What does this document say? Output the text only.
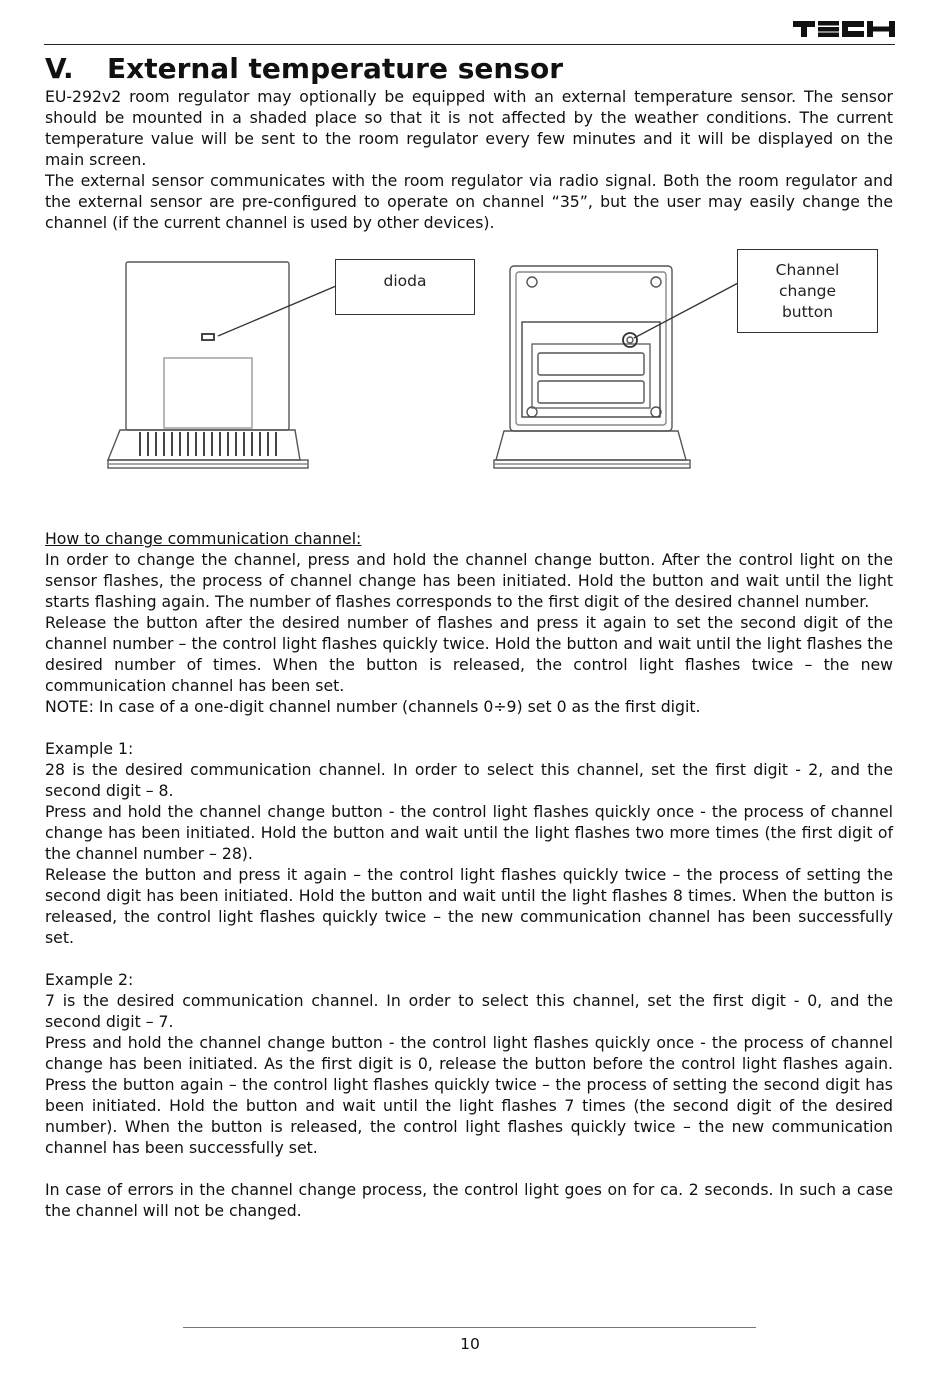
V. External temperature sensor

EU-292v2 room regulator may optionally be equipped with an external temperature sensor. The sensor should be mounted in a shaded place so that it is not affected by the weather conditions. The current temperature value will be sent to the room regulator every few minutes and it will be displayed on the main screen.

The external sensor communicates with the room regulator via radio signal. Both the room regulator and the external sensor are pre-configured to operate on channel “35”, but the user may easily change the channel (if the current channel is used by other devices).

dioda
Channel
change
button

How to change communication channel:

In order to change the channel, press and hold the channel change button. After the control light on the sensor flashes, the process of channel change has been initiated. Hold the button and wait until the light starts flashing again. The number of flashes corresponds to the first digit of the desired channel number.

Release the button after the desired number of flashes and press it again to set the second digit of the channel number – the control light flashes quickly twice. Hold the button and wait until the light flashes the desired number of times. When the button is released, the control light flashes twice – the new communication channel has been set.

NOTE: In case of a one-digit channel number (channels 0÷9) set 0 as the first digit.

Example 1:

28 is the desired communication channel. In order to select this channel, set the first digit - 2, and the second digit – 8.

Press and hold the channel change button - the control light flashes quickly once - the process of channel change has been initiated. Hold the button and wait until the light flashes two more times (the first digit of the channel number – 28).

Release the button and press it again – the control light flashes quickly twice – the process of setting the second digit has been initiated. Hold the button and wait until the light flashes 8 times. When the button is released, the control light flashes quickly twice – the new communication channel has been successfully set.

Example 2:

7 is the desired communication channel. In order to select this channel, set the first digit - 0, and the second digit – 7.

Press and hold the channel change button - the control light flashes quickly once - the process of channel change has been initiated. As the first digit is 0, release the button before the control light flashes again. Press the button again – the control light flashes quickly twice – the process of setting the second digit has been initiated. Hold the button and wait until the light flashes 7 times (the second digit of the desired number). When the button is released, the control light flashes quickly twice – the new communication channel has been successfully set.

In case of errors in the channel change process, the control light goes on for ca. 2 seconds. In such a case the channel will not be changed.

10
